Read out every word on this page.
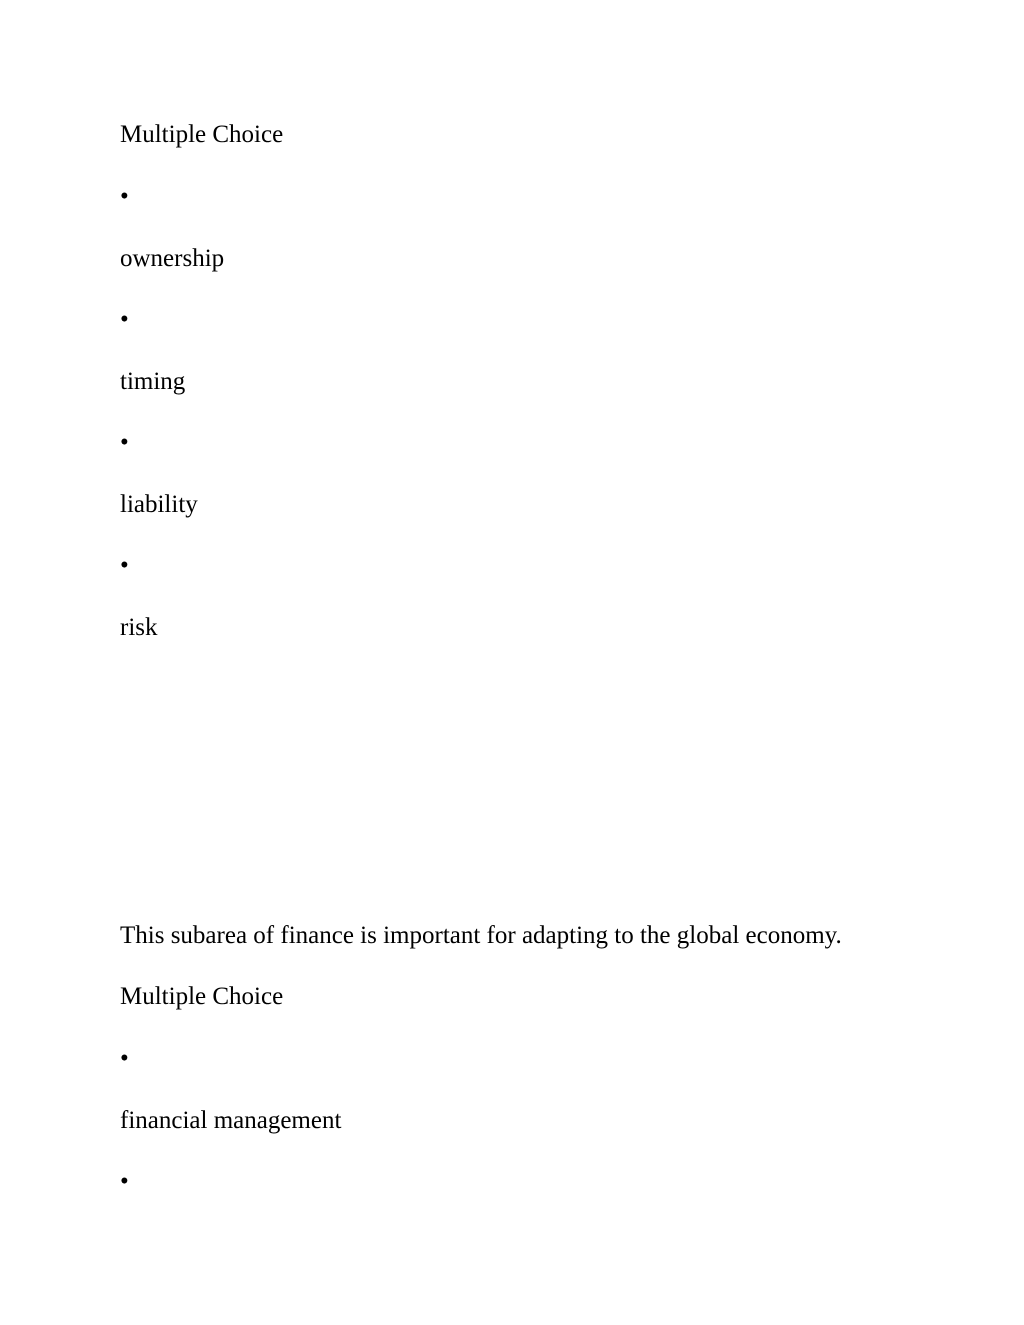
Multiple Choice
•
ownership
•
timing
•
liability
•
risk
This subarea of finance is important for adapting to the global economy.
Multiple Choice
•
financial management
•
